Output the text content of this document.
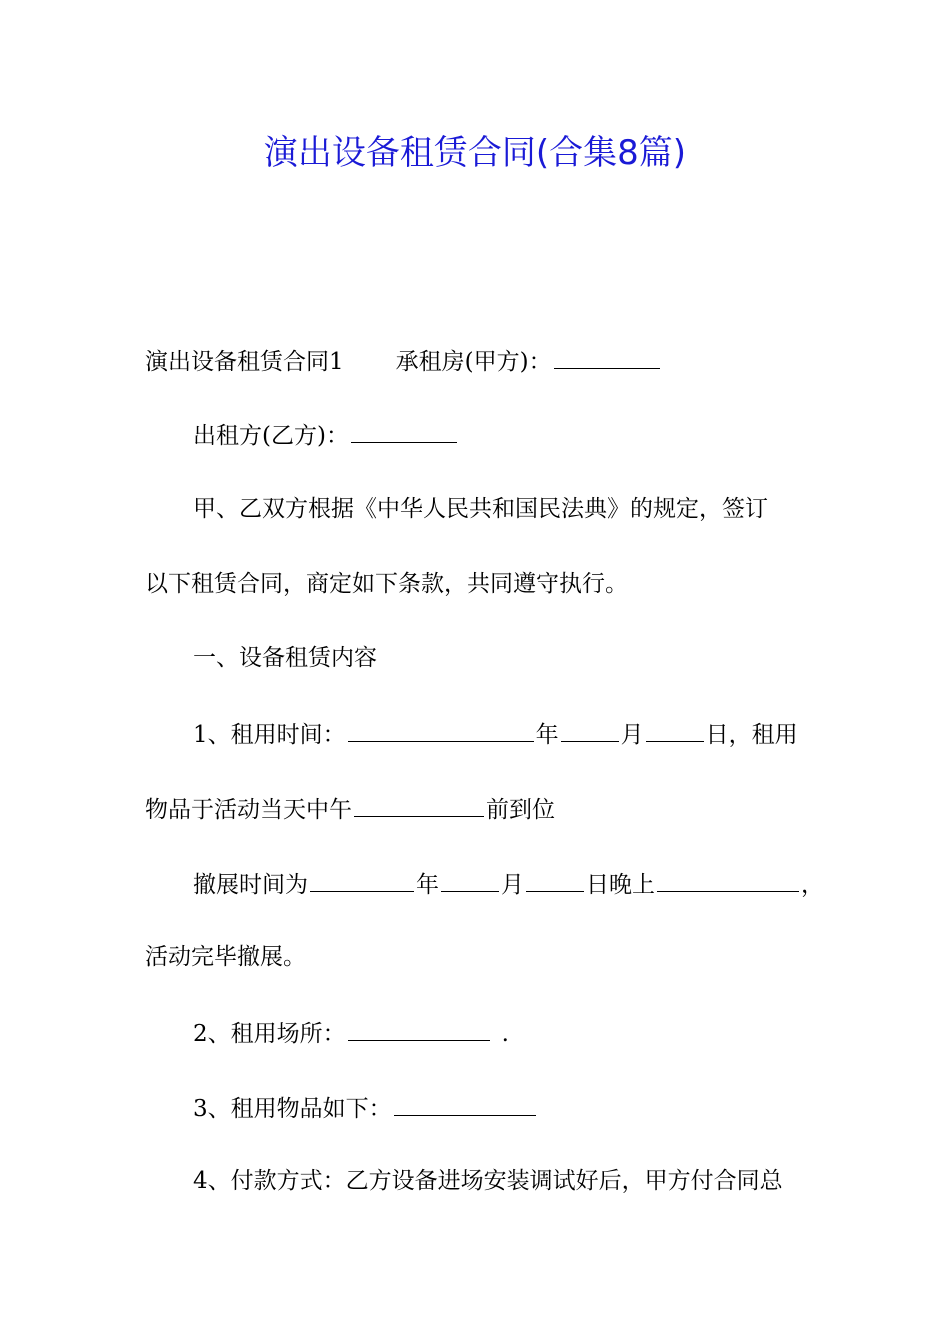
演出设备租赁合同(合集8篇)
演出设备租赁合同1 承租房(甲方)：
出租方(乙方)：
甲、乙双方根据《中华人民共和国民法典》的规定，签订
以下租赁合同，商定如下条款，共同遵守执行。
一、设备租赁内容
1、租用时间：	年	月	日，租用
物品于活动当天中午	前到位
撤展时间为	年	月	日晚上	，
活动完毕撤展。
2、租用场所：	.
3、租用物品如下：
4、付款方式：乙方设备进场安装调试好后，甲方付合同总
